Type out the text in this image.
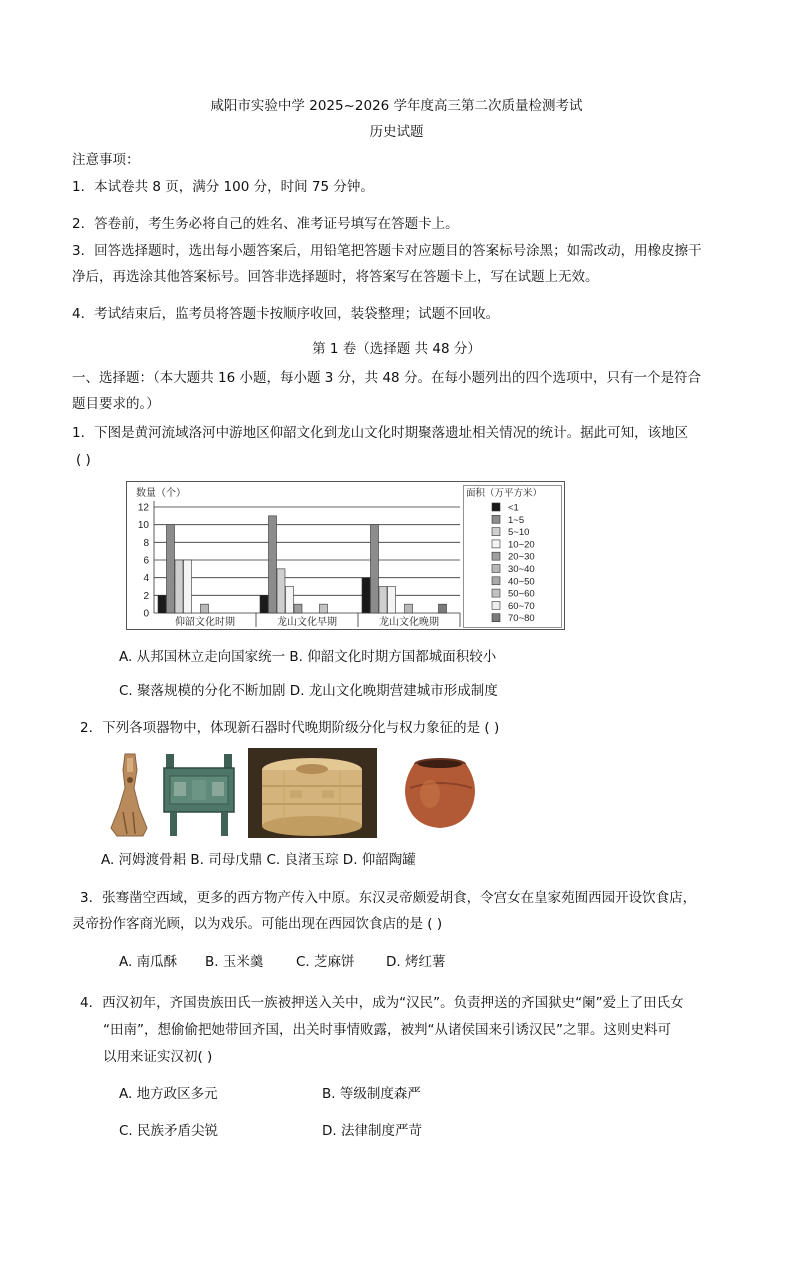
咸阳市实验中学 2025~2026 学年度高三第二次质量检测考试
历史试题
注意事项：
1．本试卷共 8 页，满分 100 分，时间 75 分钟。
2．答卷前，考生务必将自己的姓名、准考证号填写在答题卡上。
3．回答选择题时，选出每小题答案后，用铅笔把答题卡对应题目的答案标号涂黑；如需改动，用橡皮擦干
净后，再选涂其他答案标号。回答非选择题时，将答案写在答题卡上，写在试题上无效。
4．考试结束后，监考员将答题卡按顺序收回，装袋整理；试题不回收。
第 1 卷（选择题 共 48 分）
一、选择题：（本大题共 16 小题，每小题 3 分，共 48 分。在每小题列出的四个选项中，只有一个是符合
题目要求的。）
1．下图是黄河流域洛河中游地区仰韶文化到龙山文化时期聚落遗址相关情况的统计。据此可知，该地区
( )
0
2
4
6
8
10
12
数量（个）
仰韶文化时期	龙山文化早期	龙山文化晚期
面积（万平方米）
<1
1~5
5~10
10~20
20~30
30~40
40~50
50~60
60~70
70~80
A. 从邦国林立走向国家统一 B. 仰韶文化时期方国都城面积较小
C. 聚落规模的分化不断加剧 D. 龙山文化晚期营建城市形成制度
2．下列各项器物中，体现新石器时代晚期阶级分化与权力象征的是 ( )
A. 河姆渡骨耜 B. 司母戊鼎 C. 良渚玉琮 D. 仰韶陶罐
3．张骞凿空西域，更多的西方物产传入中原。东汉灵帝颇爱胡食，令宫女在皇家苑囿西园开设饮食店，
灵帝扮作客商光顾，以为戏乐。可能出现在西园饮食店的是 ( )
A. 南瓜酥 B. 玉米羹 C. 芝麻饼 D. 烤红薯
4．西汉初年，齐国贵族田氏一族被押送入关中，成为“汉民”。负责押送的齐国狱史“阑”爱上了田氏女
“田南”，想偷偷把她带回齐国，出关时事情败露，被判“从诸侯国来引诱汉民”之罪。这则史料可
以用来证实汉初( )
A. 地方政区多元	B. 等级制度森严
C. 民族矛盾尖锐	D. 法律制度严苛
